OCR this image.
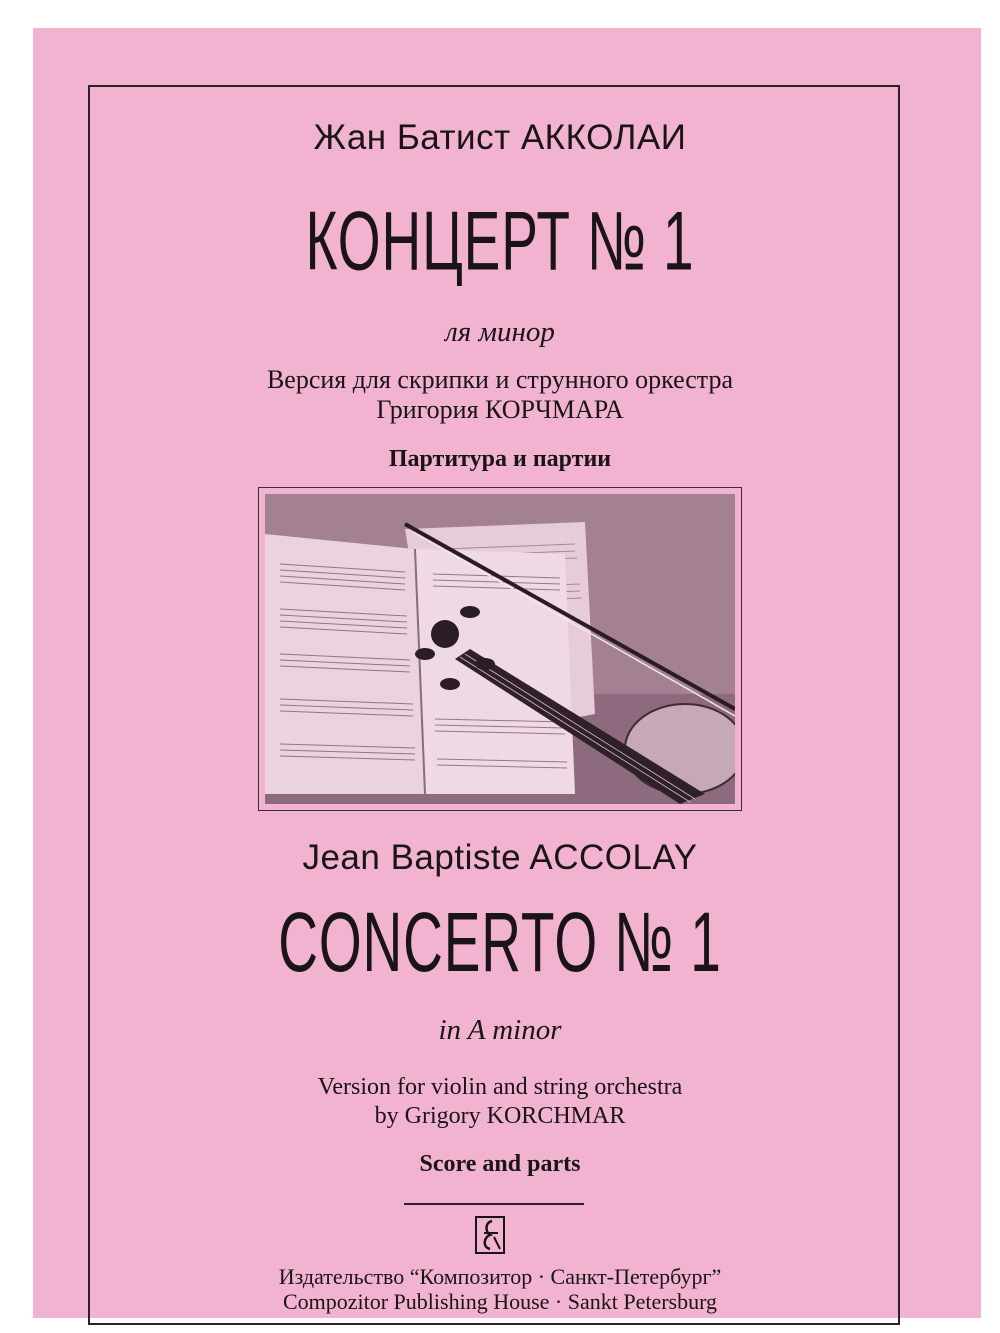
Жан Батист АККОЛАИ
КОНЦЕРТ № 1
ля минор
Версия для скрипки и струнного оркестра
Григория КОРЧМАРА
Партитура и партии
Jean Baptiste ACCOLAY
CONCERTO № 1
in A minor
Version for violin and string orchestra
by Grigory KORCHMAR
Score and parts
Издательство “Композитор · Санкт-Петербург”
Compozitor Publishing House · Sankt Petersburg
